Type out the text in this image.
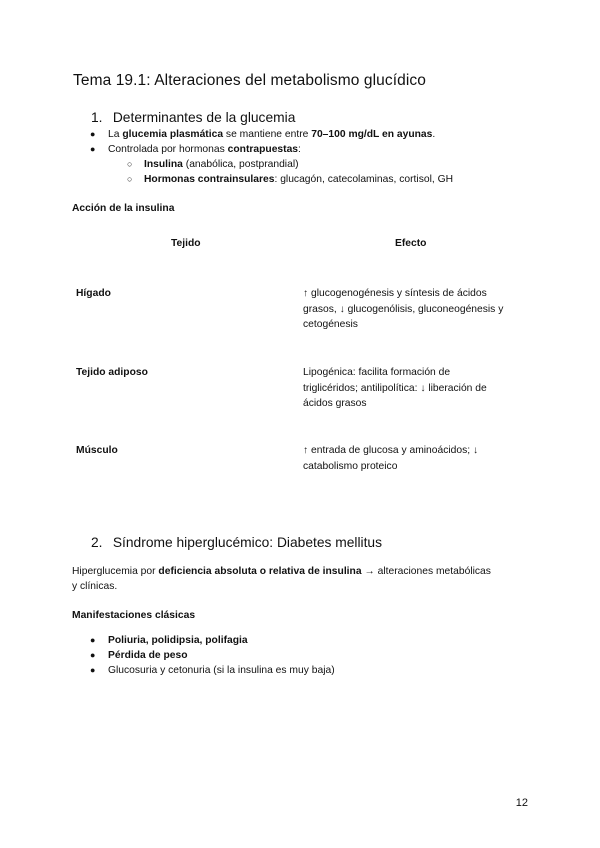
Tema 19.1: Alteraciones del metabolismo glucídico
1. Determinantes de la glucemia
● La glucemia plasmática se mantiene entre 70–100 mg/dL en ayunas.
● Controlada por hormonas contrapuestas:
○ Insulina (anabólica, postprandial)
○ Hormonas contrainsulares: glucagón, catecolaminas, cortisol, GH
Acción de la insulina
Tejido	Efecto
Hígado	↑ glucogenogénesis y síntesis de ácidos
grasos, ↓ glucogenólisis, gluconeogénesis y
cetogénesis
Tejido adiposo	Lipogénica: facilita formación de
triglicéridos; antilipolítica: ↓ liberación de
ácidos grasos
Músculo	↑ entrada de glucosa y aminoácidos; ↓
catabolismo proteico
2. Síndrome hiperglucémico: Diabetes mellitus
Hiperglucemia por deficiencia absoluta o relativa de insulina → alteraciones metabólicas
y clínicas.
Manifestaciones clásicas
● Poliuria, polidipsia, polifagia
● Pérdida de peso
● Glucosuria y cetonuria (si la insulina es muy baja)
12
